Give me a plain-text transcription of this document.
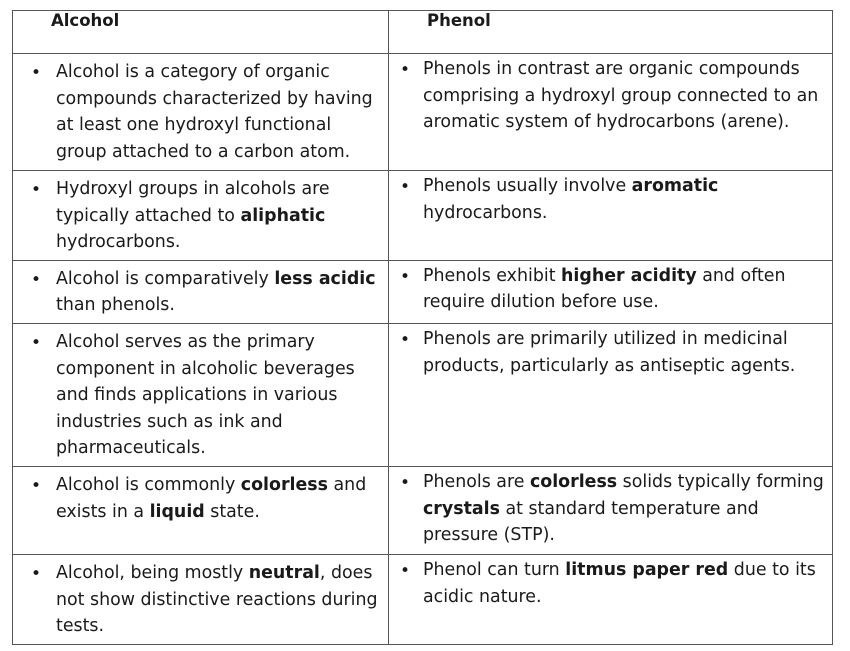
Alcohol	Phenol

• Alcohol is a category of organic compounds characterized by having at least one hydroxyl functional group attached to a carbon atom.	• Phenols in contrast are organic compounds comprising a hydroxyl group connected to an aromatic system of hydrocarbons (arene).

• Hydroxyl groups in alcohols are typically attached to aliphatic hydrocarbons.	• Phenols usually involve aromatic hydrocarbons.

• Alcohol is comparatively less acidic than phenols.	• Phenols exhibit higher acidity and often require dilution before use.

• Alcohol serves as the primary component in alcoholic beverages and finds applications in various industries such as ink and pharmaceuticals.	• Phenols are primarily utilized in medicinal products, particularly as antiseptic agents.

• Alcohol is commonly colorless and exists in a liquid state.	• Phenols are colorless solids typically forming crystals at standard temperature and pressure (STP).

• Alcohol, being mostly neutral, does not show distinctive reactions during tests.	• Phenol can turn litmus paper red due to its acidic nature.
